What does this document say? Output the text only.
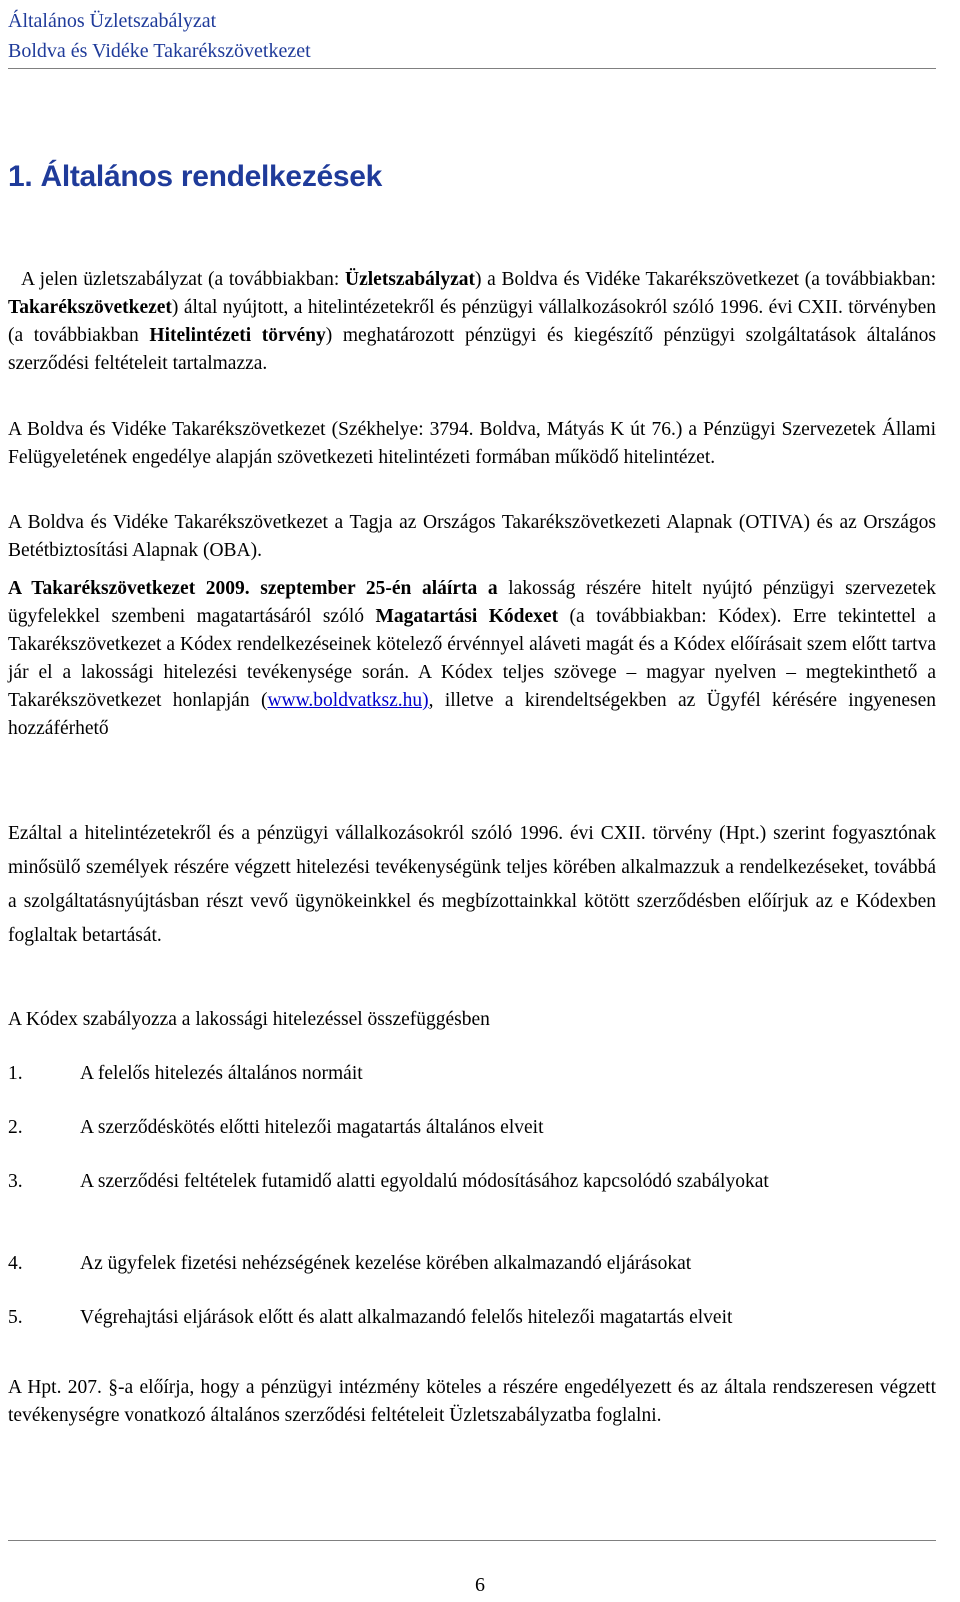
Általános Üzletszabályzat
Boldva és Vidéke Takarékszövetkezet
1. Általános rendelkezések

A jelen üzletszabályzat (a továbbiakban: Üzletszabályzat) a Boldva és Vidéke Takarékszövetkezet (a továbbiakban: Takarékszövetkezet) által nyújtott, a hitelintézetekről és pénzügyi vállalkozásokról szóló 1996. évi CXII. törvényben (a továbbiakban Hitelintézeti törvény) meghatározott pénzügyi és kiegészítő pénzügyi szolgáltatások általános szerződési feltételeit tartalmazza.

A Boldva és Vidéke Takarékszövetkezet (Székhelye: 3794. Boldva, Mátyás K út 76.) a Pénzügyi Szervezetek Állami Felügyeletének engedélye alapján szövetkezeti hitelintézeti formában működő hitelintézet.

A Boldva és Vidéke Takarékszövetkezet a Tagja az Országos Takarékszövetkezeti Alapnak (OTIVA) és az Országos Betétbiztosítási Alapnak (OBA).

A Takarékszövetkezet 2009. szeptember 25-én aláírta a lakosság részére hitelt nyújtó pénzügyi szervezetek ügyfelekkel szembeni magatartásáról szóló Magatartási Kódexet (a továbbiakban: Kódex). Erre tekintettel a Takarékszövetkezet a Kódex rendelkezéseinek kötelező érvénnyel aláveti magát és a Kódex előírásait szem előtt tartva jár el a lakossági hitelezési tevékenysége során. A Kódex teljes szövege – magyar nyelven – megtekinthető a Takarékszövetkezet honlapján (www.boldvatksz.hu), illetve a kirendeltségekben az Ügyfél kérésére ingyenesen hozzáférhető

Ezáltal a hitelintézetekről és a pénzügyi vállalkozásokról szóló 1996. évi CXII. törvény (Hpt.) szerint fogyasztónak minősülő személyek részére végzett hitelezési tevékenységünk teljes körében alkalmazzuk a rendelkezéseket, továbbá a szolgáltatásnyújtásban részt vevő ügynökeinkkel és megbízottainkkal kötött szerződésben előírjuk az e Kódexben foglaltak betartását.

A Kódex szabályozza a lakossági hitelezéssel összefüggésben

1.	A felelős hitelezés általános normáit
2.	A szerződéskötés előtti hitelezői magatartás általános elveit

3.	A szerződési feltételek futamidő alatti egyoldalú módosításához kapcsolódó szabályokat

4.	Az ügyfelek fizetési nehézségének kezelése körében alkalmazandó eljárásokat
5.	Végrehajtási eljárások előtt és alatt alkalmazandó felelős hitelezői magatartás elveit

A Hpt. 207. §-a előírja, hogy a pénzügyi intézmény köteles a részére engedélyezett és az általa rendszeresen végzett tevékenységre vonatkozó általános szerződési feltételeit Üzletszabályzatba foglalni.

6
